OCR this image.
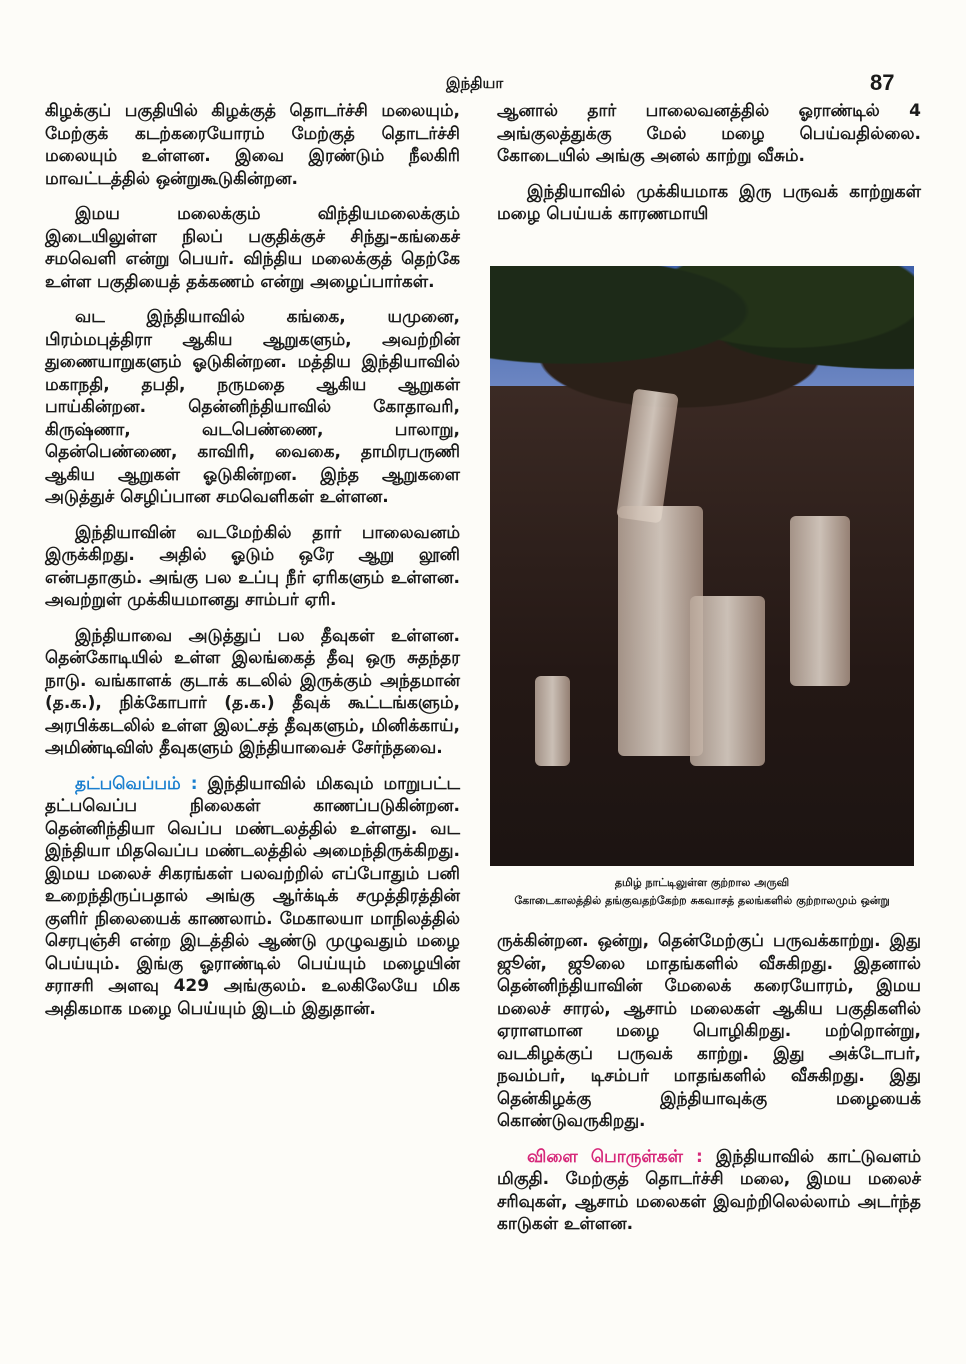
இந்தியா	87

கிழக்குப் பகுதியில் கிழக்குத் தொடர்ச்சி மலையும், மேற்குக் கடற்கரையோரம் மேற்குத் தொடர்ச்சி மலையும் உள்ளன. இவை இரண்டும் நீலகிரி மாவட்டத்தில் ஒன்றுகூடுகின்றன.

இமய மலைக்கும் விந்தியமலைக்கும் இடையிலுள்ள நிலப் பகுதிக்குச் சிந்து–கங்கைச் சமவெளி என்று பெயர். விந்திய மலைக்குத் தெற்கே உள்ள பகுதியைத் தக்கணம் என்று அழைப்பார்கள்.

வட இந்தியாவில் கங்கை, யமுனை, பிரம்மபுத்திரா ஆகிய ஆறுகளும், அவற்றின் துணையாறுகளும் ஓடுகின்றன. மத்திய இந்தியாவில் மகாநதி, தபதி, நருமதை ஆகிய ஆறுகள் பாய்கின்றன. தென்னிந்தியாவில் கோதாவரி, கிருஷ்ணா, வடபெண்ணை, பாலாறு, தென்பெண்ணை, காவிரி, வைகை, தாமிரபருணி ஆகிய ஆறுகள் ஓடுகின்றன. இந்த ஆறுகளை அடுத்துச் செழிப்பான சமவெளிகள் உள்ளன.

இந்தியாவின் வடமேற்கில் தார் பாலைவனம் இருக்கிறது. அதில் ஓடும் ஒரே ஆறு லூனி என்பதாகும். அங்கு பல உப்பு நீர் ஏரிகளும் உள்ளன. அவற்றுள் முக்கியமானது சாம்பர் ஏரி.

இந்தியாவை அடுத்துப் பல தீவுகள் உள்ளன. தென்கோடியில் உள்ள இலங்கைத் தீவு ஒரு சுதந்தர நாடு. வங்காளக் குடாக் கடலில் இருக்கும் அந்தமான் (த.க.), நிக்கோபார் (த.க.) தீவுக் கூட்டங்களும், அரபிக்கடலில் உள்ள இலட்சத் தீவுகளும், மினிக்காய், அமிண்டிவிஸ் தீவுகளும் இந்தியாவைச் சேர்ந்தவை.

தட்பவெப்பம் : இந்தியாவில் மிகவும் மாறுபட்ட தட்பவெப்ப நிலைகள் காணப்படுகின்றன. தென்னிந்தியா வெப்ப மண்டலத்தில் உள்ளது. வட இந்தியா மிதவெப்ப மண்டலத்தில் அமைந்திருக்கிறது. இமய மலைச் சிகரங்கள் பலவற்றில் எப்போதும் பனி உறைந்திருப்பதால் அங்கு ஆர்க்டிக் சமுத்திரத்தின் குளிர் நிலையைக் காணலாம். மேகாலயா மாநிலத்தில் செரபுஞ்சி என்ற இடத்தில் ஆண்டு முழுவதும் மழை பெய்யும். இங்கு ஓராண்டில் பெய்யும் மழையின் சராசரி அளவு 429 அங்குலம். உலகிலேயே மிக அதிகமாக மழை பெய்யும் இடம் இதுதான்.

ஆனால் தார் பாலைவனத்தில் ஓராண்டில் 4 அங்குலத்துக்கு மேல் மழை பெய்வதில்லை. கோடையில் அங்கு அனல் காற்று வீசும்.

இந்தியாவில் முக்கியமாக இரு பருவக் காற்றுகள் மழை பெய்யக் காரணமாயி

தமிழ் நாட்டிலுள்ள குற்றால அருவி
கோடைகாலத்தில் தங்குவதற்கேற்ற சுகவாசத் தலங்களில் குற்றாலமும் ஒன்று

ருக்கின்றன. ஒன்று, தென்மேற்குப் பருவக்காற்று. இது ஜூன், ஜூலை மாதங்களில் வீசுகிறது. இதனால் தென்னிந்தியாவின் மேலைக் கரையோரம், இமய மலைச் சாரல், ஆசாம் மலைகள் ஆகிய பகுதிகளில் ஏராளமான மழை பொழிகிறது. மற்றொன்று, வடகிழக்குப் பருவக் காற்று. இது அக்டோபர், நவம்பர், டிசம்பர் மாதங்களில் வீசுகிறது. இது தென்கிழக்கு இந்தியாவுக்கு மழையைக் கொண்டுவருகிறது.

விளை பொருள்கள் : இந்தியாவில் காட்டுவளம் மிகுதி. மேற்குத் தொடர்ச்சி மலை, இமய மலைச் சரிவுகள், ஆசாம் மலைகள் இவற்றிலெல்லாம் அடர்ந்த காடுகள் உள்ளன.
